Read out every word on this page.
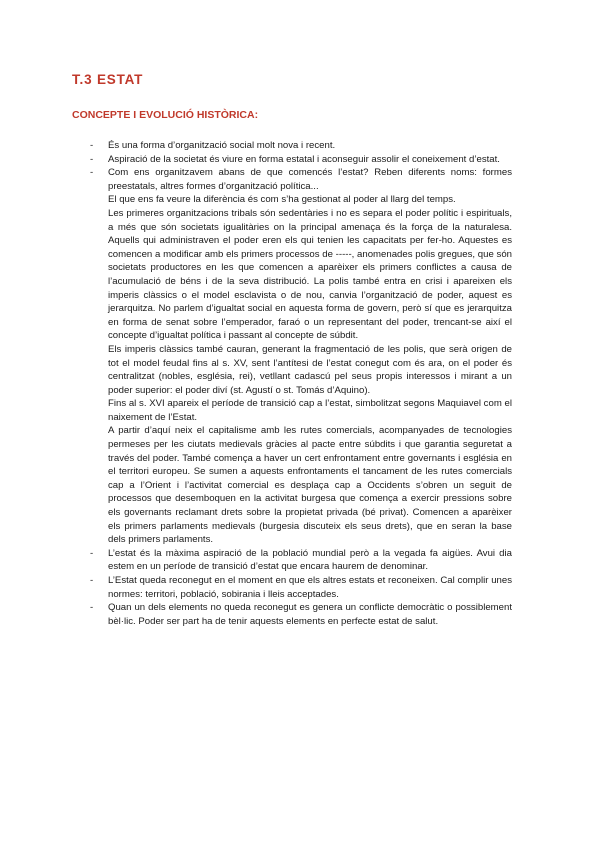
T.3 ESTAT
CONCEPTE I EVOLUCIÓ HISTÒRICA:
- És una forma d’organització social molt nova i recent.

- Aspiració de la societat és viure en forma estatal i aconseguir assolir el coneixement d’estat.

- Com ens organitzavem abans de que comencés l’estat? Reben diferents noms: formes preestatals, altres formes d’organització política...

El que ens fa veure la diferència és com s’ha gestionat al poder al llarg del temps.

Les primeres organitzacions tribals són sedentàries i no es separa el poder polític i espirituals, a més que són societats igualitàries on la principal amenaça és la força de la naturalesa. Aquells qui administraven el poder eren els qui tenien les capacitats per fer-ho. Aquestes es comencen a modificar amb els primers processos de -----, anomenades polis gregues, que són societats productores en les que comencen a aparèixer els primers conflictes a causa de l’acumulació de béns i de la seva distribució. La polis també entra en crisi i apareixen els imperis clàssics o el model esclavista o de nou, canvia l’organització de poder, aquest es jerarquitza. No parlem d’igualtat social en aquesta forma de govern, però sí que es jerarquitza en forma de senat sobre l’emperador, faraó o un representant del poder, trencant-se així el concepte d’igualtat política i passant al concepte de súbdit.

Els imperis clàssics també cauran, generant la fragmentació de les polis, que serà origen de tot el model feudal fins al s. XV, sent l’antítesi de l’estat conegut com és ara, on el poder és centralitzat (nobles, església, rei), vetllant cadascú pel seus propis interessos i mirant a un poder superior: el poder diví (st. Agustí o st. Tomás d’Aquino).

Fins al s. XVI apareix el període de transició cap a l’estat, simbolitzat segons Maquiavel com el naixement de l’Estat.

A partir d’aquí neix el capitalisme amb les rutes comercials, acompanyades de tecnologies permeses per les ciutats medievals gràcies al pacte entre súbdits i que garantia seguretat a través del poder. També comença a haver un cert enfrontament entre governants i església en el territori europeu. Se sumen a aquests enfrontaments el tancament de les rutes comercials cap a l’Orient i l’activitat comercial es desplaça cap a Occidents s’obren un seguit de processos que desemboquen en la activitat burgesa que comença a exercir pressions sobre els governants reclamant drets sobre la propietat privada (bé privat). Comencen a aparèixer els primers parlaments medievals (burgesia discuteix els seus drets), que en seran la base dels primers parlaments.

- L’estat és la màxima aspiració de la població mundial però a la vegada fa aigües. Avui dia estem en un període de transició d’estat que encara haurem de denominar.

- L’Estat queda reconegut en el moment en que els altres estats et reconeixen. Cal complir unes normes: territori, població, sobirania i lleis acceptades.

- Quan un dels elements no queda reconegut es genera un conflicte democràtic o possiblement bèl·lic. Poder ser part ha de tenir aquests elements en perfecte estat de salut.
